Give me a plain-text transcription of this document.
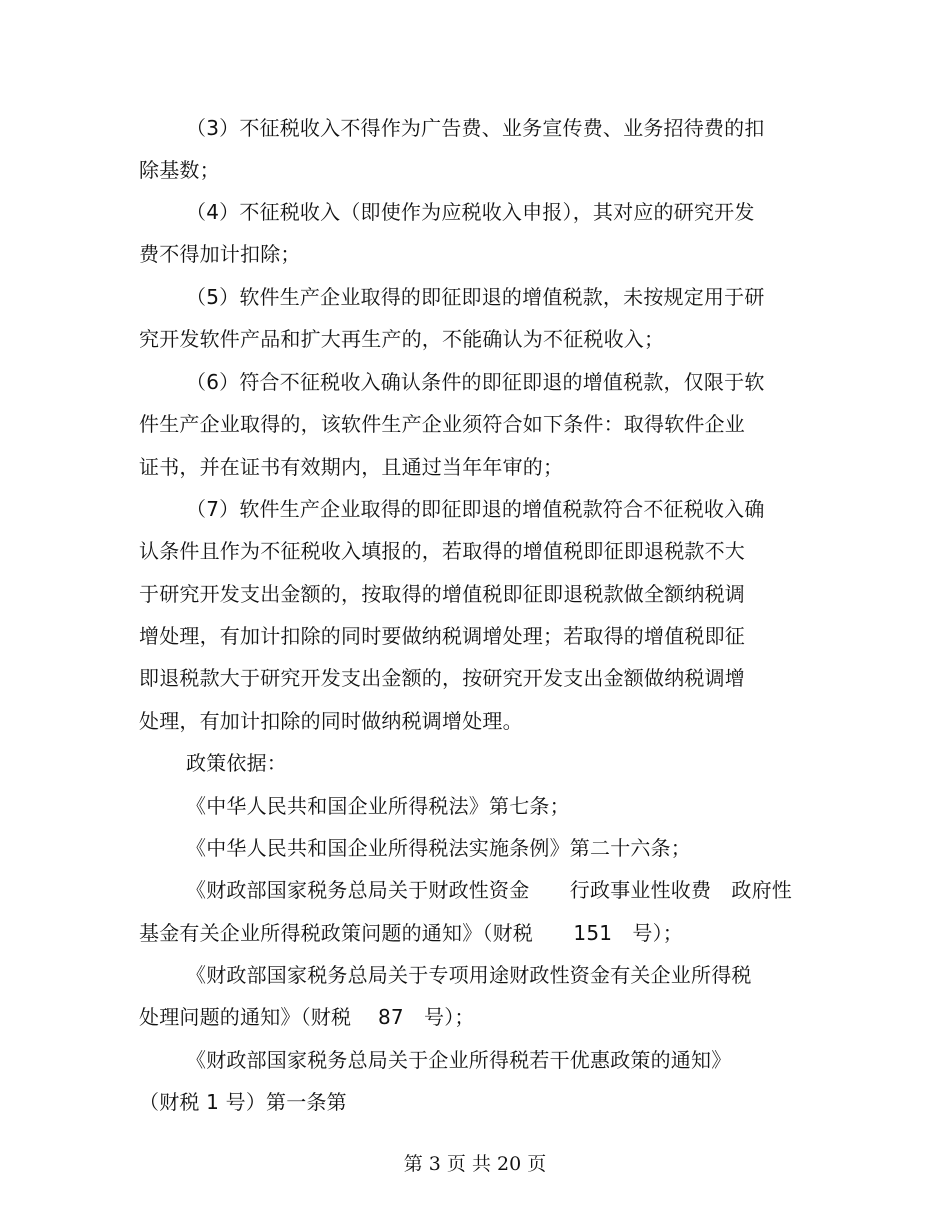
（3）不征税收入不得作为广告费、业务宣传费、业务招待费的扣
除基数；
（4）不征税收入（即使作为应税收入申报），其对应的研究开发
费不得加计扣除；
（5）软件生产企业取得的即征即退的增值税款，未按规定用于研
究开发软件产品和扩大再生产的，不能确认为不征税收入；
（6）符合不征税收入确认条件的即征即退的增值税款，仅限于软
件生产企业取得的，该软件生产企业须符合如下条件：取得软件企业
证书，并在证书有效期内，且通过当年年审的；
（7）软件生产企业取得的即征即退的增值税款符合不征税收入确
认条件且作为不征税收入填报的，若取得的增值税即征即退税款不大
于研究开发支出金额的，按取得的增值税即征即退税款做全额纳税调
增处理，有加计扣除的同时要做纳税调增处理；若取得的增值税即征
即退税款大于研究开发支出金额的，按研究开发支出金额做纳税调增
处理，有加计扣除的同时做纳税调增处理。
政策依据：
《中华人民共和国企业所得税法》第七条；
《中华人民共和国企业所得税法实施条例》第二十六条；
《财政部国家税务总局关于财政性资金　　行政事业性收费　政府性
基金有关企业所得税政策问题的通知》（财税　　151　号）；
《财政部国家税务总局关于专项用途财政性资金有关企业所得税
处理问题的通知》（财税　 87　号）；
《财政部国家税务总局关于企业所得税若干优惠政策的通知》
（财税 1 号）第一条第
第 3 页 共 20 页
